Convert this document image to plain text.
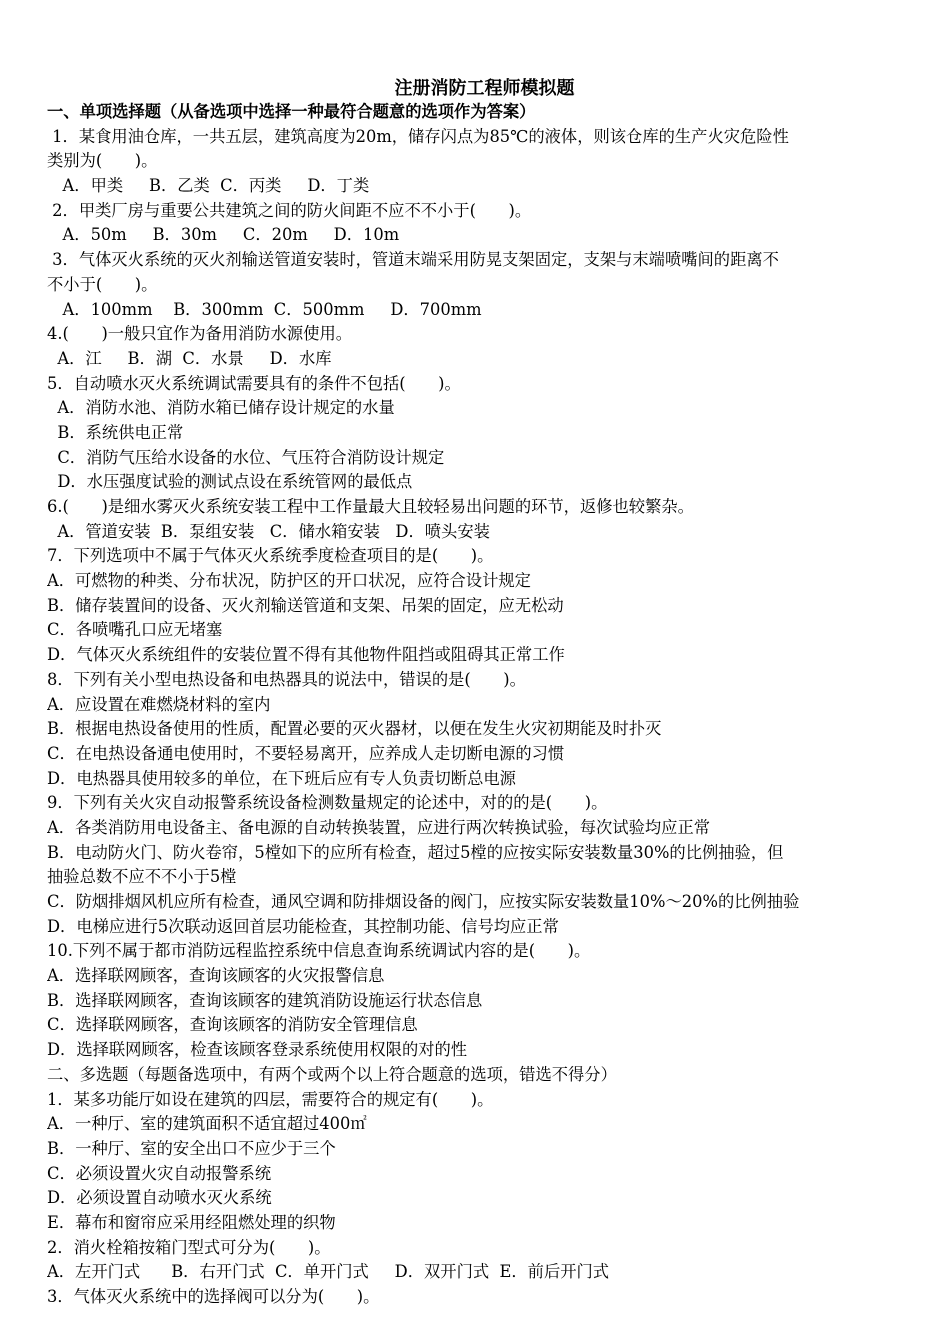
注册消防工程师模拟题
一、单项选择题（从备选项中选择一种最符合题意的选项作为答案）
1．某食用油仓库，一共五层，建筑高度为20m，储存闪点为85℃的液体，则该仓库的生产火灾危险性
类别为(　　)。
A．甲类     B．乙类  C．丙类     D．丁类
2．甲类厂房与重要公共建筑之间的防火间距不应不不小于(　　)。
A．50m     B．30m     C．20m     D．10m
3．气体灭火系统的灭火剂输送管道安装时，管道末端采用防晃支架固定，支架与末端喷嘴间的距离不
不小于(　　)。
A．100mm    B．300mm  C．500mm     D．700mm
4.(　　)一般只宜作为备用消防水源使用。
A．江     B．湖  C．水景     D．水库
5．自动喷水灭火系统调试需要具有的条件不包括(　　)。
A．消防水池、消防水箱已储存设计规定的水量
B．系统供电正常
C．消防气压给水设备的水位、气压符合消防设计规定
D．水压强度试验的测试点设在系统管网的最低点
6.(　　)是细水雾灭火系统安装工程中工作量最大且较轻易出问题的环节，返修也较繁杂。
A．管道安装  B．泵组安装   C．储水箱安装   D．喷头安装
7．下列选项中不属于气体灭火系统季度检查项目的是(　　)。
A．可燃物的种类、分布状况，防护区的开口状况，应符合设计规定
B．储存装置间的设备、灭火剂输送管道和支架、吊架的固定，应无松动
C．各喷嘴孔口应无堵塞
D．气体灭火系统组件的安装位置不得有其他物件阻挡或阻碍其正常工作
8．下列有关小型电热设备和电热器具的说法中，错误的是(　　)。
A．应设置在难燃烧材料的室内
B．根据电热设备使用的性质，配置必要的灭火器材，以便在发生火灾初期能及时扑灭
C．在电热设备通电使用时，不要轻易离开，应养成人走切断电源的习惯
D．电热器具使用较多的单位，在下班后应有专人负责切断总电源
9．下列有关火灾自动报警系统设备检测数量规定的论述中，对的的是(　　)。
A．各类消防用电设备主、备电源的自动转换装置，应进行两次转换试验，每次试验均应正常
B．电动防火门、防火卷帘，5樘如下的应所有检查，超过5樘的应按实际安装数量30%的比例抽验，但
抽验总数不应不不小于5樘
C．防烟排烟风机应所有检查，通风空调和防排烟设备的阀门，应按实际安装数量10%～20%的比例抽验
D．电梯应进行5次联动返回首层功能检查，其控制功能、信号均应正常
10.下列不属于都市消防远程监控系统中信息查询系统调试内容的是(　　)。
A．选择联网顾客，查询该顾客的火灾报警信息
B．选择联网顾客，查询该顾客的建筑消防设施运行状态信息
C．选择联网顾客，查询该顾客的消防安全管理信息
D．选择联网顾客，检查该顾客登录系统使用权限的对的性
二、多选题（每题备选项中，有两个或两个以上符合题意的选项，错选不得分）
1．某多功能厅如设在建筑的四层，需要符合的规定有(　　)。
A．一种厅、室的建筑面积不适宜超过400㎡
B．一种厅、室的安全出口不应少于三个
C．必须设置火灾自动报警系统
D．必须设置自动喷水灭火系统
E．幕布和窗帘应采用经阻燃处理的织物
2．消火栓箱按箱门型式可分为(　　)。
A．左开门式      B．右开门式  C．单开门式     D．双开门式  E．前后开门式
3．气体灭火系统中的选择阀可以分为(　　)。
